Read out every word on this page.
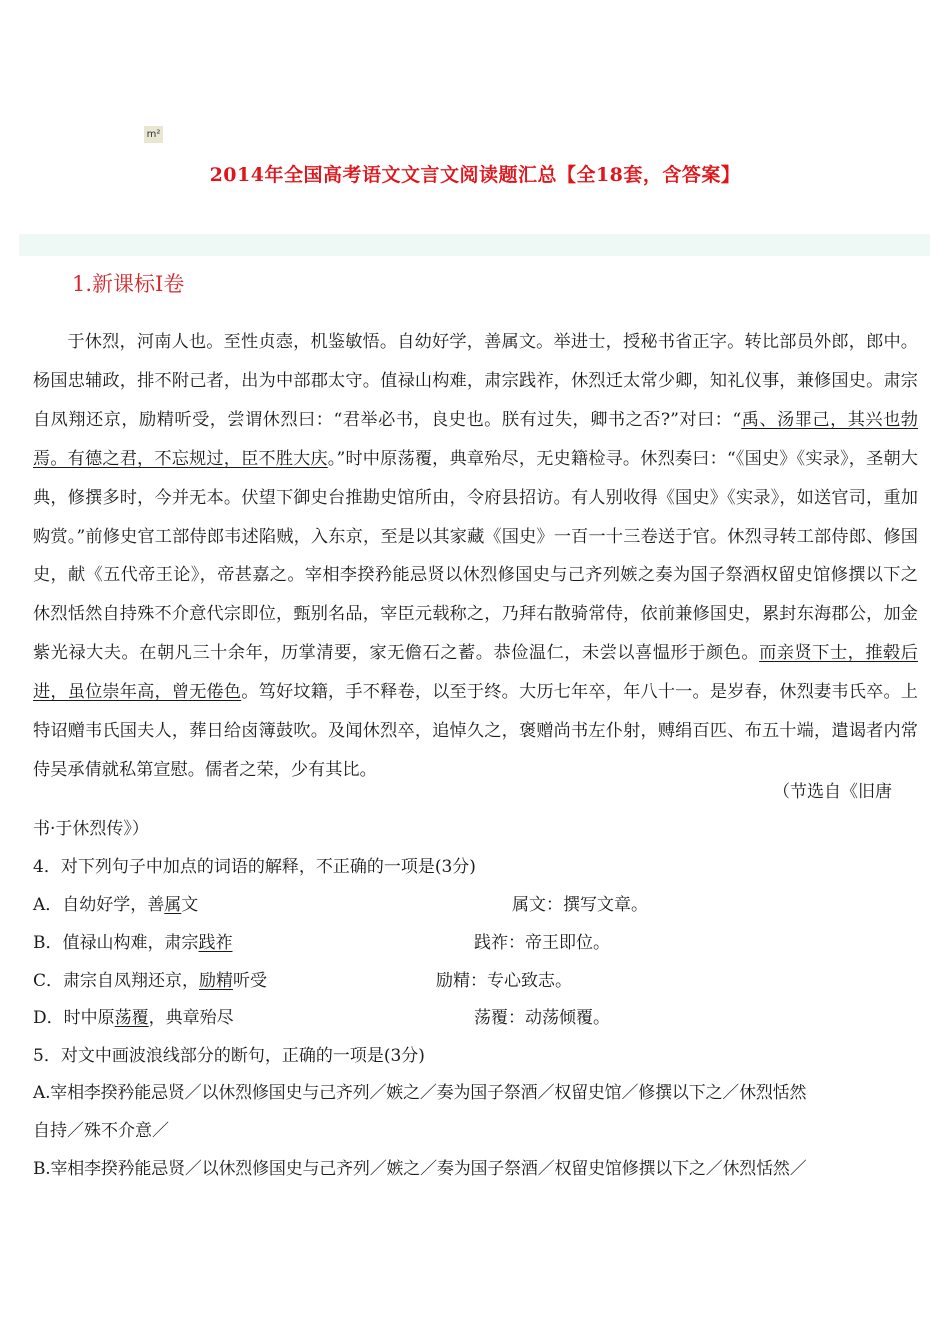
m²
2014年全国高考语文文言文阅读题汇总【全18套，含答案】
1.新课标Ⅰ卷

于休烈，河南人也。至性贞悫，机鉴敏悟。自幼好学，善属文。举进士，授秘书省正字。转比部员外郎，郎中。杨国忠辅政，排不附己者，出为中部郡太守。值禄山构难，肃宗践祚，休烈迁太常少卿，知礼仪事，兼修国史。肃宗自凤翔还京，励精听受，尝谓休烈曰：“君举必书，良史也。朕有过失，卿书之否?”对曰：“禹、汤罪己，其兴也勃焉。有德之君，不忘规过，臣不胜大庆。”时中原荡覆，典章殆尽，无史籍检寻。休烈奏曰：“《国史》《实录》，圣朝大典，修撰多时，今并无本。伏望下御史台推勘史馆所由，令府县招访。有人别收得《国史》《实录》，如送官司，重加购赏。”前修史官工部侍郎韦述陷贼，入东京，至是以其家藏《国史》一百一十三卷送于官。休烈寻转工部侍郎、修国史，献《五代帝王论》，帝甚嘉之。宰相李揆矜能忌贤以休烈修国史与己齐列嫉之奏为国子祭酒权留史馆修撰以下之休烈恬然自持殊不介意代宗即位，甄别名品，宰臣元载称之，乃拜右散骑常侍，依前兼修国史，累封东海郡公，加金紫光禄大夫。在朝凡三十余年，历掌清要，家无儋石之蓄。恭俭温仁，未尝以喜愠形于颜色。而亲贤下士，推毂后进，虽位崇年高，曾无倦色。笃好坟籍，手不释卷，以至于终。大历七年卒，年八十一。是岁春，休烈妻韦氏卒。上特诏赠韦氏国夫人，葬日给卤簿鼓吹。及闻休烈卒，追悼久之，褒赠尚书左仆射，赙绢百匹、布五十端，遣谒者内常侍吴承倩就私第宣慰。儒者之荣，少有其比。

（节选自《旧唐
书·于休烈传》）
4．对下列句子中加点的词语的解释，不正确的一项是(3分)
A．自幼好学，善属文	属文：撰写文章。
B．值禄山构难，肃宗践祚	践祚：帝王即位。
C．肃宗自凤翔还京，励精听受	励精：专心致志。
D．时中原荡覆，典章殆尽	荡覆：动荡倾覆。
5．对文中画波浪线部分的断句，正确的一项是(3分)
A.宰相李揆矜能忌贤／以休烈修国史与己齐列／嫉之／奏为国子祭酒／权留史馆／修撰以下之／休烈恬然
自持／殊不介意／
B.宰相李揆矜能忌贤／以休烈修国史与己齐列／嫉之／奏为国子祭酒／权留史馆修撰以下之／休烈恬然／
